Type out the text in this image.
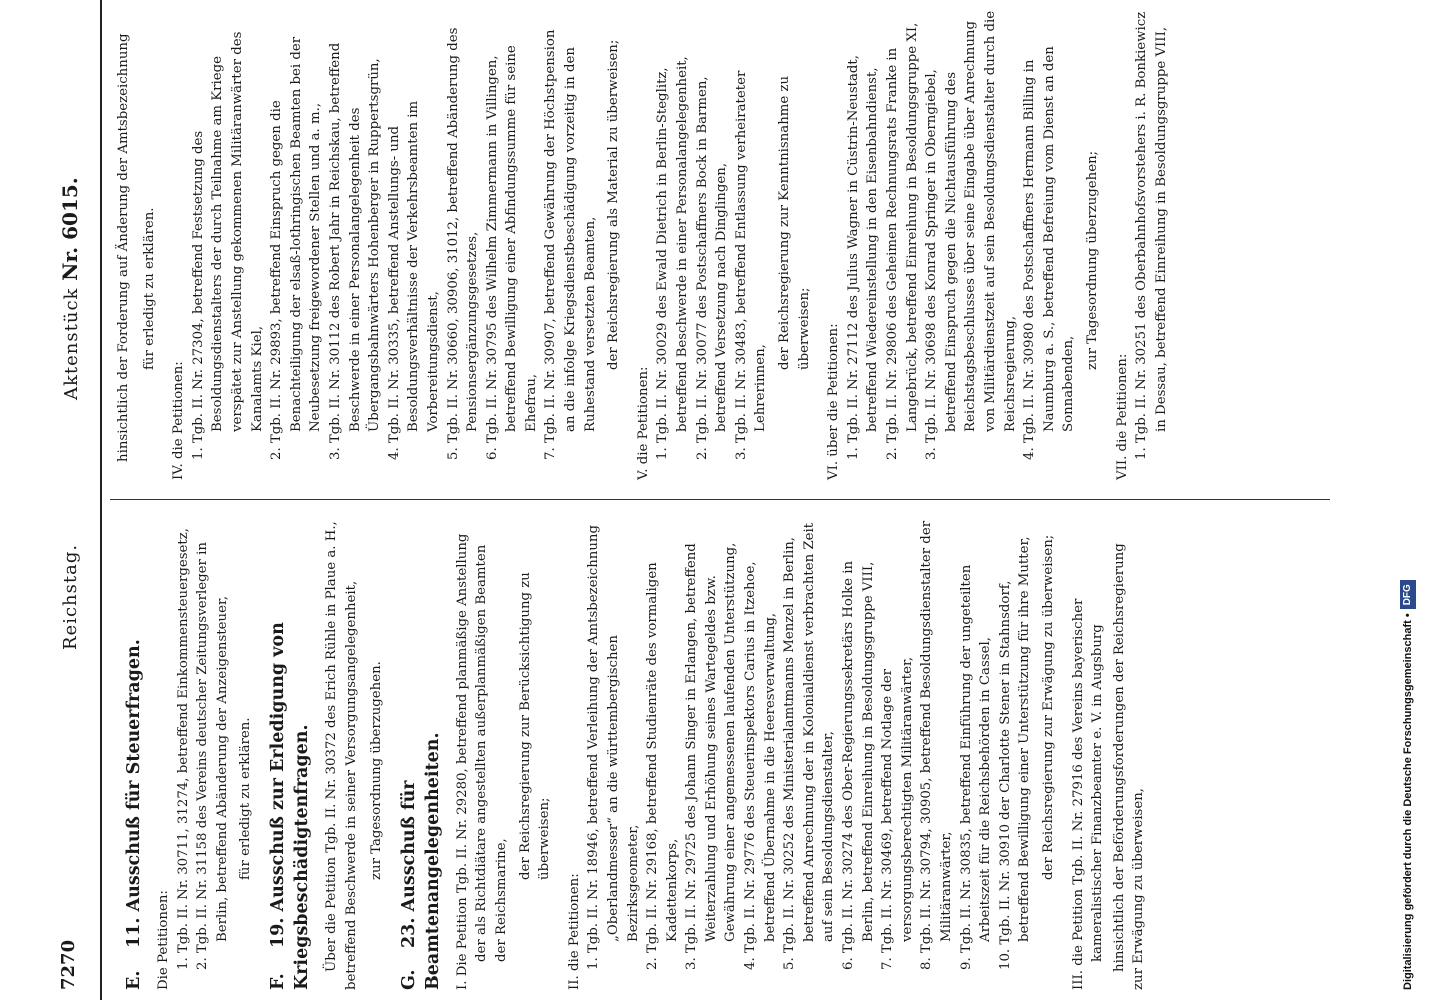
7270
Reichstag.
Aktenstück Nr. 6015.
E.11. Ausschuß für Steuerfragen. Die Petitionen: 1. Tgb. II. Nr. 30711, 31274, betreffend Einkommensteuergesetz, 2. Tgb. II. Nr. 31158 des Vereins deutscher Zeitungsverleger in Berlin, betreffend Abänderung der Anzeigensteuer, für erledigt zu erklären.

F.19. Ausschuß zur Erledigung von Kriegsbeschädigtenfragen. Über die Petition Tgb. II. Nr. 30372 des Erich Rühle in Plaue a. H., betreffend Beschwerde in seiner Versorgungsangelegenheit, zur Tagesordnung überzugehen.

G.23. Ausschuß für Beamtenangelegenheiten. I. Die Petition Tgb. II. Nr. 29280, betreffend planmäßige Anstellung der als Richtdiätare angestellten außerplanmäßigen Beamten der Reichsmarine,

der Reichsregierung zur Berücksichtigung zu überweisen;

II. die Petitionen: 1. Tgb. II. Nr. 18946, betreffend Verleihung der Amtsbezeichnung „Oberlandmesser“ an die württembergischen Bezirksgeometer, 2. Tgb. II. Nr. 29168, betreffend Studienräte des vormaligen Kadettenkorps, 3. Tgb. II. Nr. 29725 des Johann Singer in Erlangen, betreffend Weiterzahlung und Erhöhung seines Wartegeldes bzw. Gewährung einer angemessenen laufenden Unterstützung, 4. Tgb. II. Nr. 29776 des Steuerinspektors Carius in Itzehoe, betreffend Übernahme in die Heeresverwaltung, 5. Tgb. II. Nr. 30252 des Ministerialamtmanns Menzel in Berlin, betreffend Anrechnung der in Kolonialdienst verbrachten Zeit auf sein Besoldungsdienstalter, 6. Tgb. II. Nr. 30274 des Ober-Regierungssekretärs Holke in Berlin, betreffend Einreihung in Besoldungsgruppe VIII, 7. Tgb. II. Nr. 30469, betreffend Notlage der versorgungsberechtigten Militäranwärter, 8. Tgb. II. Nr. 30794, 30905, betreffend Besoldungsdienstalter der Militäranwärter, 9. Tgb. II. Nr. 30835, betreffend Einführung der ungeteilten Arbeitszeit für die Reichsbehörden in Cassel, 10. Tgb. II. Nr. 30910 der Charlotte Stener in Stahnsdorf, betreffend Bewilligung einer Unterstützung für ihre Mutter, der Reichsregierung zur Erwägung zu überweisen; III. die Petition Tgb. II. Nr. 27916 des Vereins bayerischer kameralistischer Finanzbeamter e. V. in Augsburg hinsichtlich der Beförderungsforderungen der Reichsregierung zur Erwägung zu überweisen,

hinsichtlich der Forderung auf Änderung der Amtsbezeichnung für erledigt zu erklären.

IV. die Petitionen: 1. Tgb. II. Nr. 27304, betreffend Festsetzung des Besoldungsdienstalters der durch Teilnahme am Kriege verspätet zur Anstellung gekommenen Militäranwärter des Kanalamts Kiel, 2. Tgb. II. Nr. 29893, betreffend Einspruch gegen die Benachteiligung der elsaß-lothringischen Beamten bei der Neubesetzung freigewordener Stellen und a. m., 3. Tgb. II. Nr. 30112 des Robert Jahr in Reichskau, betreffend Beschwerde in einer Personalangelegenheit des Übergangsbahnwärters Hohenberger in Ruppertsgrün, 4. Tgb. II. Nr. 30335, betreffend Anstellungs- und Besoldungsverhältnisse der Verkehrsbeamten im Vorbereitungsdienst, 5. Tgb. II. Nr. 30660, 30906, 31012, betreffend Abänderung des Pensionsergänzungsgesetzes, 6. Tgb. II. Nr. 30795 des Wilhelm Zimmermann in Villingen, betreffend Bewilligung einer Abfindungssumme für seine Ehefrau, 7. Tgb. II. Nr. 30907, betreffend Gewährung der Höchstpension an die infolge Kriegsdienstbeschädigung vorzeitig in den Ruhestand versetzten Beamten, der Reichsregierung als Material zu überweisen;

V. die Petitionen: 1. Tgb. II. Nr. 30029 des Ewald Dietrich in Berlin-Steglitz, betreffend Beschwerde in einer Personalangelegenheit, 2. Tgb. II. Nr. 30077 des Postschaffners Bock in Barmen, betreffend Versetzung nach Dinglingen, 3. Tgb. II. Nr. 30483, betreffend Entlassung verheirateter Lehrerinnen,

der Reichsregierung zur Kenntnisnahme zu überweisen; VI. über die Petitionen: 1. Tgb. II. Nr. 27112 des Julius Wagner in Cüstrin-Neustadt, betreffend Wiedereinstellung in den Eisenbahndienst, 2. Tgb. II. Nr. 29806 des Geheimen Rechnungsrats Franke in Langebrück, betreffend Einreihung in Besoldungsgruppe XI, 3. Tgb. II. Nr. 30698 des Konrad Springer in Oberngiebel, betreffend Einspruch gegen die Nichtausführung des Reichstagsbeschlusses über seine Eingabe über Anrechnung von Militärdienstzeit auf sein Besoldungsdienstalter durch die Reichsregierung, 4. Tgb. II. Nr. 30980 des Postschaffners Hermann Billing in Naumburg a. S., betreffend Befreiung vom Dienst an den Sonnabenden,

zur Tagesordnung überzugehen;

VII. die Petitionen: 1. Tgb. II. Nr. 30251 des Oberbahnhofsvorstehers i. R. Bonkiewicz in Dessau, betreffend Einreihung in Besoldungsgruppe VIII,

Digitalisierung gefördert durch die Deutsche Forschungsgemeinschaft •DFG
